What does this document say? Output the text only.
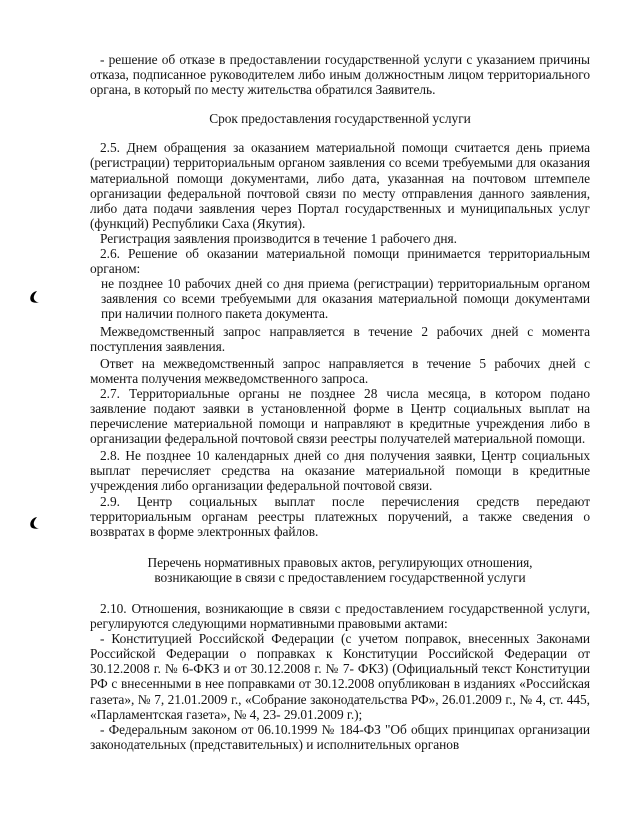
- решение об отказе в предоставлении государственной услуги с указанием причины отказа, подписанное руководителем либо иным должностным лицом территориального органа, в который по месту жительства обратился Заявитель.

Срок предоставления государственной услуги

2.5. Днем обращения за оказанием материальной помощи считается день приема (регистрации) территориальным органом заявления со всеми требуемыми для оказания материальной помощи документами, либо дата, указанная на почтовом штемпеле организации федеральной почтовой связи по месту отправления данного заявления, либо дата подачи заявления через Портал государственных и муниципальных услуг (функций) Республики Саха (Якутия).

Регистрация заявления производится в течение 1 рабочего дня.

2.6. Решение об оказании материальной помощи принимается территориальным органом:

не позднее 10 рабочих дней со дня приема (регистрации) территориальным органом заявления со всеми требуемыми для оказания материальной помощи документами при наличии полного пакета документа.

Межведомственный запрос направляется в течение 2 рабочих дней с момента поступления заявления.

Ответ на межведомственный запрос направляется в течение 5 рабочих дней с момента получения межведомственного запроса.

2.7. Территориальные органы не позднее 28 числа месяца, в котором подано заявление подают заявки в установленной форме в Центр социальных выплат на перечисление материальной помощи и направляют в кредитные учреждения либо в организации федеральной почтовой связи реестры получателей материальной помощи.

2.8. Не позднее 10 календарных дней со дня получения заявки, Центр социальных выплат перечисляет средства на оказание материальной помощи в кредитные учреждения либо организации федеральной почтовой связи.

2.9. Центр социальных выплат после перечисления средств передают территориальным органам реестры платежных поручений, а также сведения о возвратах в форме электронных файлов.

Перечень нормативных правовых актов, регулирующих отношения,
возникающие в связи с предоставлением государственной услуги

2.10. Отношения, возникающие в связи с предоставлением государственной услуги, регулируются следующими нормативными правовыми актами:

- Конституцией Российской Федерации (с учетом поправок, внесенных Законами Российской Федерации о поправках к Конституции Российской Федерации от 30.12.2008 г. № 6-ФКЗ и от 30.12.2008 г. № 7- ФКЗ) (Официальный текст Конституции РФ с внесенными в нее поправками от 30.12.2008 опубликован в изданиях «Российская газета», № 7, 21.01.2009 г., «Собрание законодательства РФ», 26.01.2009 г., № 4, ст. 445, «Парламентская газета», № 4, 23- 29.01.2009 г.);

- Федеральным законом от 06.10.1999 № 184-ФЗ "Об общих принципах организации законодательных (представительных) и исполнительных органов
